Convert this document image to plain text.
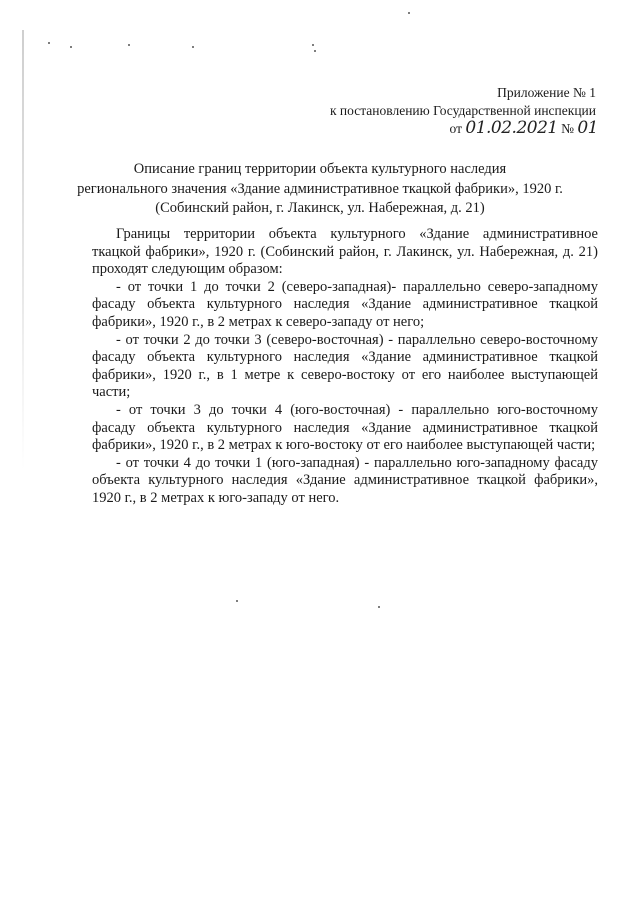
Приложение № 1
к постановлению Государственной инспекции
от 01.02.2021 № 01
Описание границ территории объекта культурного наследия
регионального значения «Здание административное ткацкой фабрики», 1920 г.
(Собинский район, г. Лакинск, ул. Набережная, д. 21)

Границы территории объекта культурного «Здание административное ткацкой фабрики», 1920 г. (Собинский район, г. Лакинск, ул. Набережная, д. 21) проходят следующим образом:

- от точки 1 до точки 2 (северо-западная)- параллельно северо-западному фасаду объекта культурного наследия «Здание административное ткацкой фабрики», 1920 г., в 2 метрах к северо-западу от него;

- от точки 2 до точки 3 (северо-восточная) - параллельно северо-восточному фасаду объекта культурного наследия «Здание административное ткацкой фабрики», 1920 г., в 1 метре к северо-востоку от его наиболее выступающей части;

- от точки 3 до точки 4 (юго-восточная) - параллельно юго-восточному фасаду объекта культурного наследия «Здание административное ткацкой фабрики», 1920 г., в 2 метрах к юго-востоку от его наиболее выступающей части;

- от точки 4 до точки 1 (юго-западная) - параллельно юго-западному фасаду объекта культурного наследия «Здание административное ткацкой фабрики», 1920 г., в 2 метрах к юго-западу от него.
